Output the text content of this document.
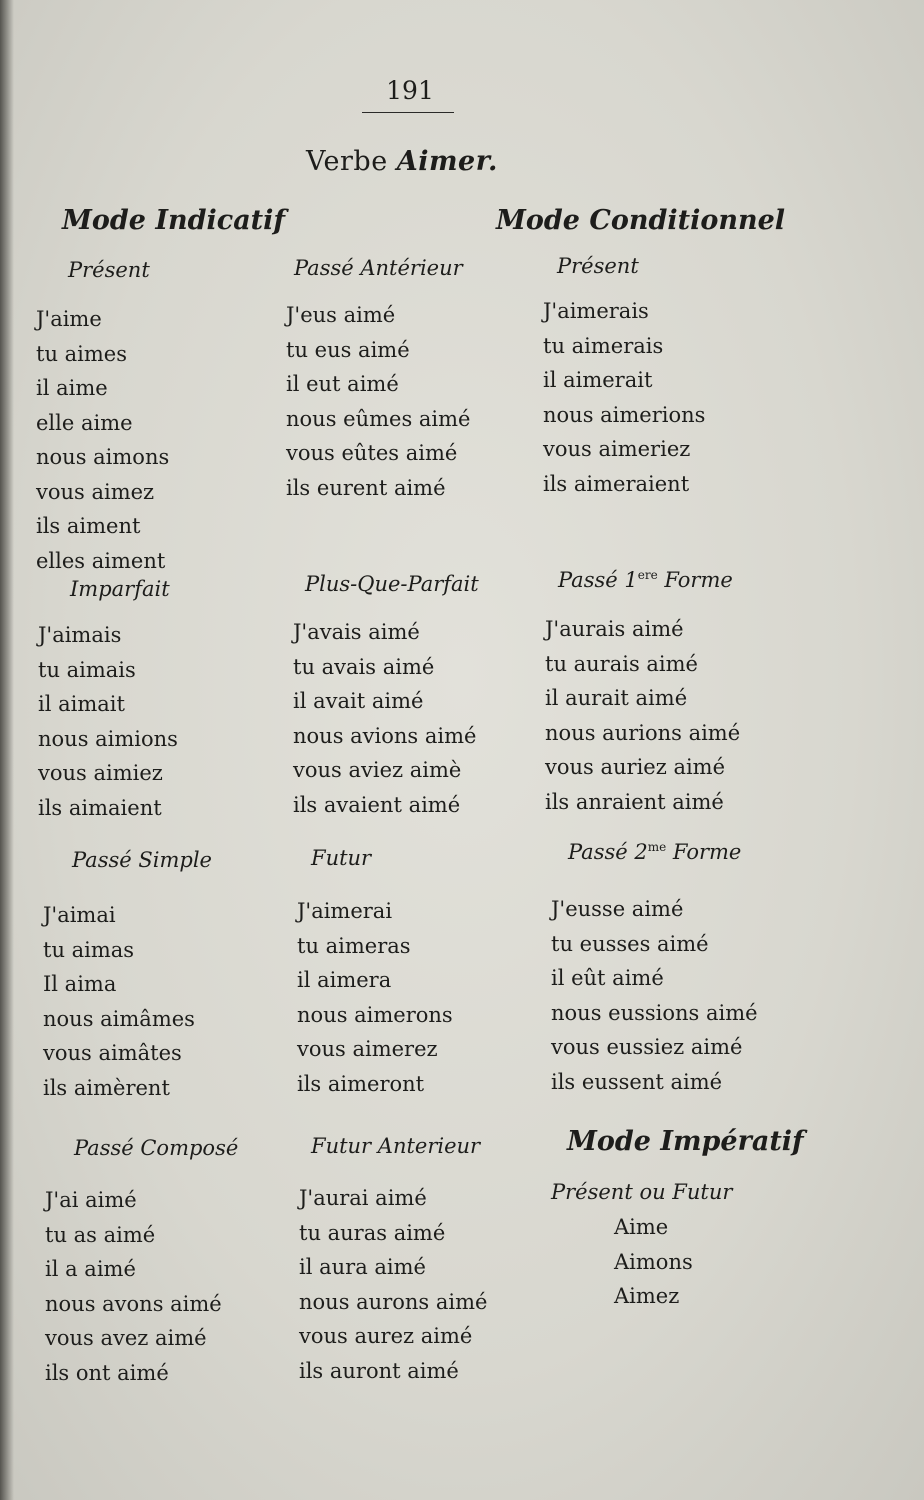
191
Verbe Aimer.
Mode Indicatif	Mode Conditionnel
Présent
J'aime
tu aimes
il aime
elle aime
nous aimons
vous aimez
ils aiment
elles aiment
Passé Antérieur
J'eus aimé
tu eus aimé
il eut aimé
nous eûmes aimé
vous eûtes aimé
ils eurent aimé
Présent
J'aimerais
tu aimerais
il aimerait
nous aimerions
vous aimeriez
ils aimeraient
Imparfait
J'aimais
tu aimais
il aimait
nous aimions
vous aimiez
ils aimaient
Plus-Que-Parfait
J'avais aimé
tu avais aimé
il avait aimé
nous avions aimé
vous aviez aimè
ils avaient aimé
Passé 1ere Forme
J'aurais aimé
tu aurais aimé
il aurait aimé
nous aurions aimé
vous auriez aimé
ils anraient aimé
Passé Simple
J'aimai
tu aimas
Il aima
nous aimâmes
vous aimâtes
ils aimèrent
Futur
J'aimerai
tu aimeras
il aimera
nous aimerons
vous aimerez
ils aimeront
Passé $2^{me}$ Forme
J'eusse aimé
tu eusses aimé
il eût aimé
nous eussions aimé
vous eussiez aimé
ils eussent aimé
Passé Composé
J'ai aimé
tu as aimé
il a aimé
nous avons aimé
vous avez aimé
ils ont aimé
Futur Anterieur
J'aurai aimé
tu auras aimé
il aura aimé
nous aurons aimé
vous aurez aimé
ils auront aimé
Mode Impératif
Présent ou Futur
Aime
Aimons
Aimez
